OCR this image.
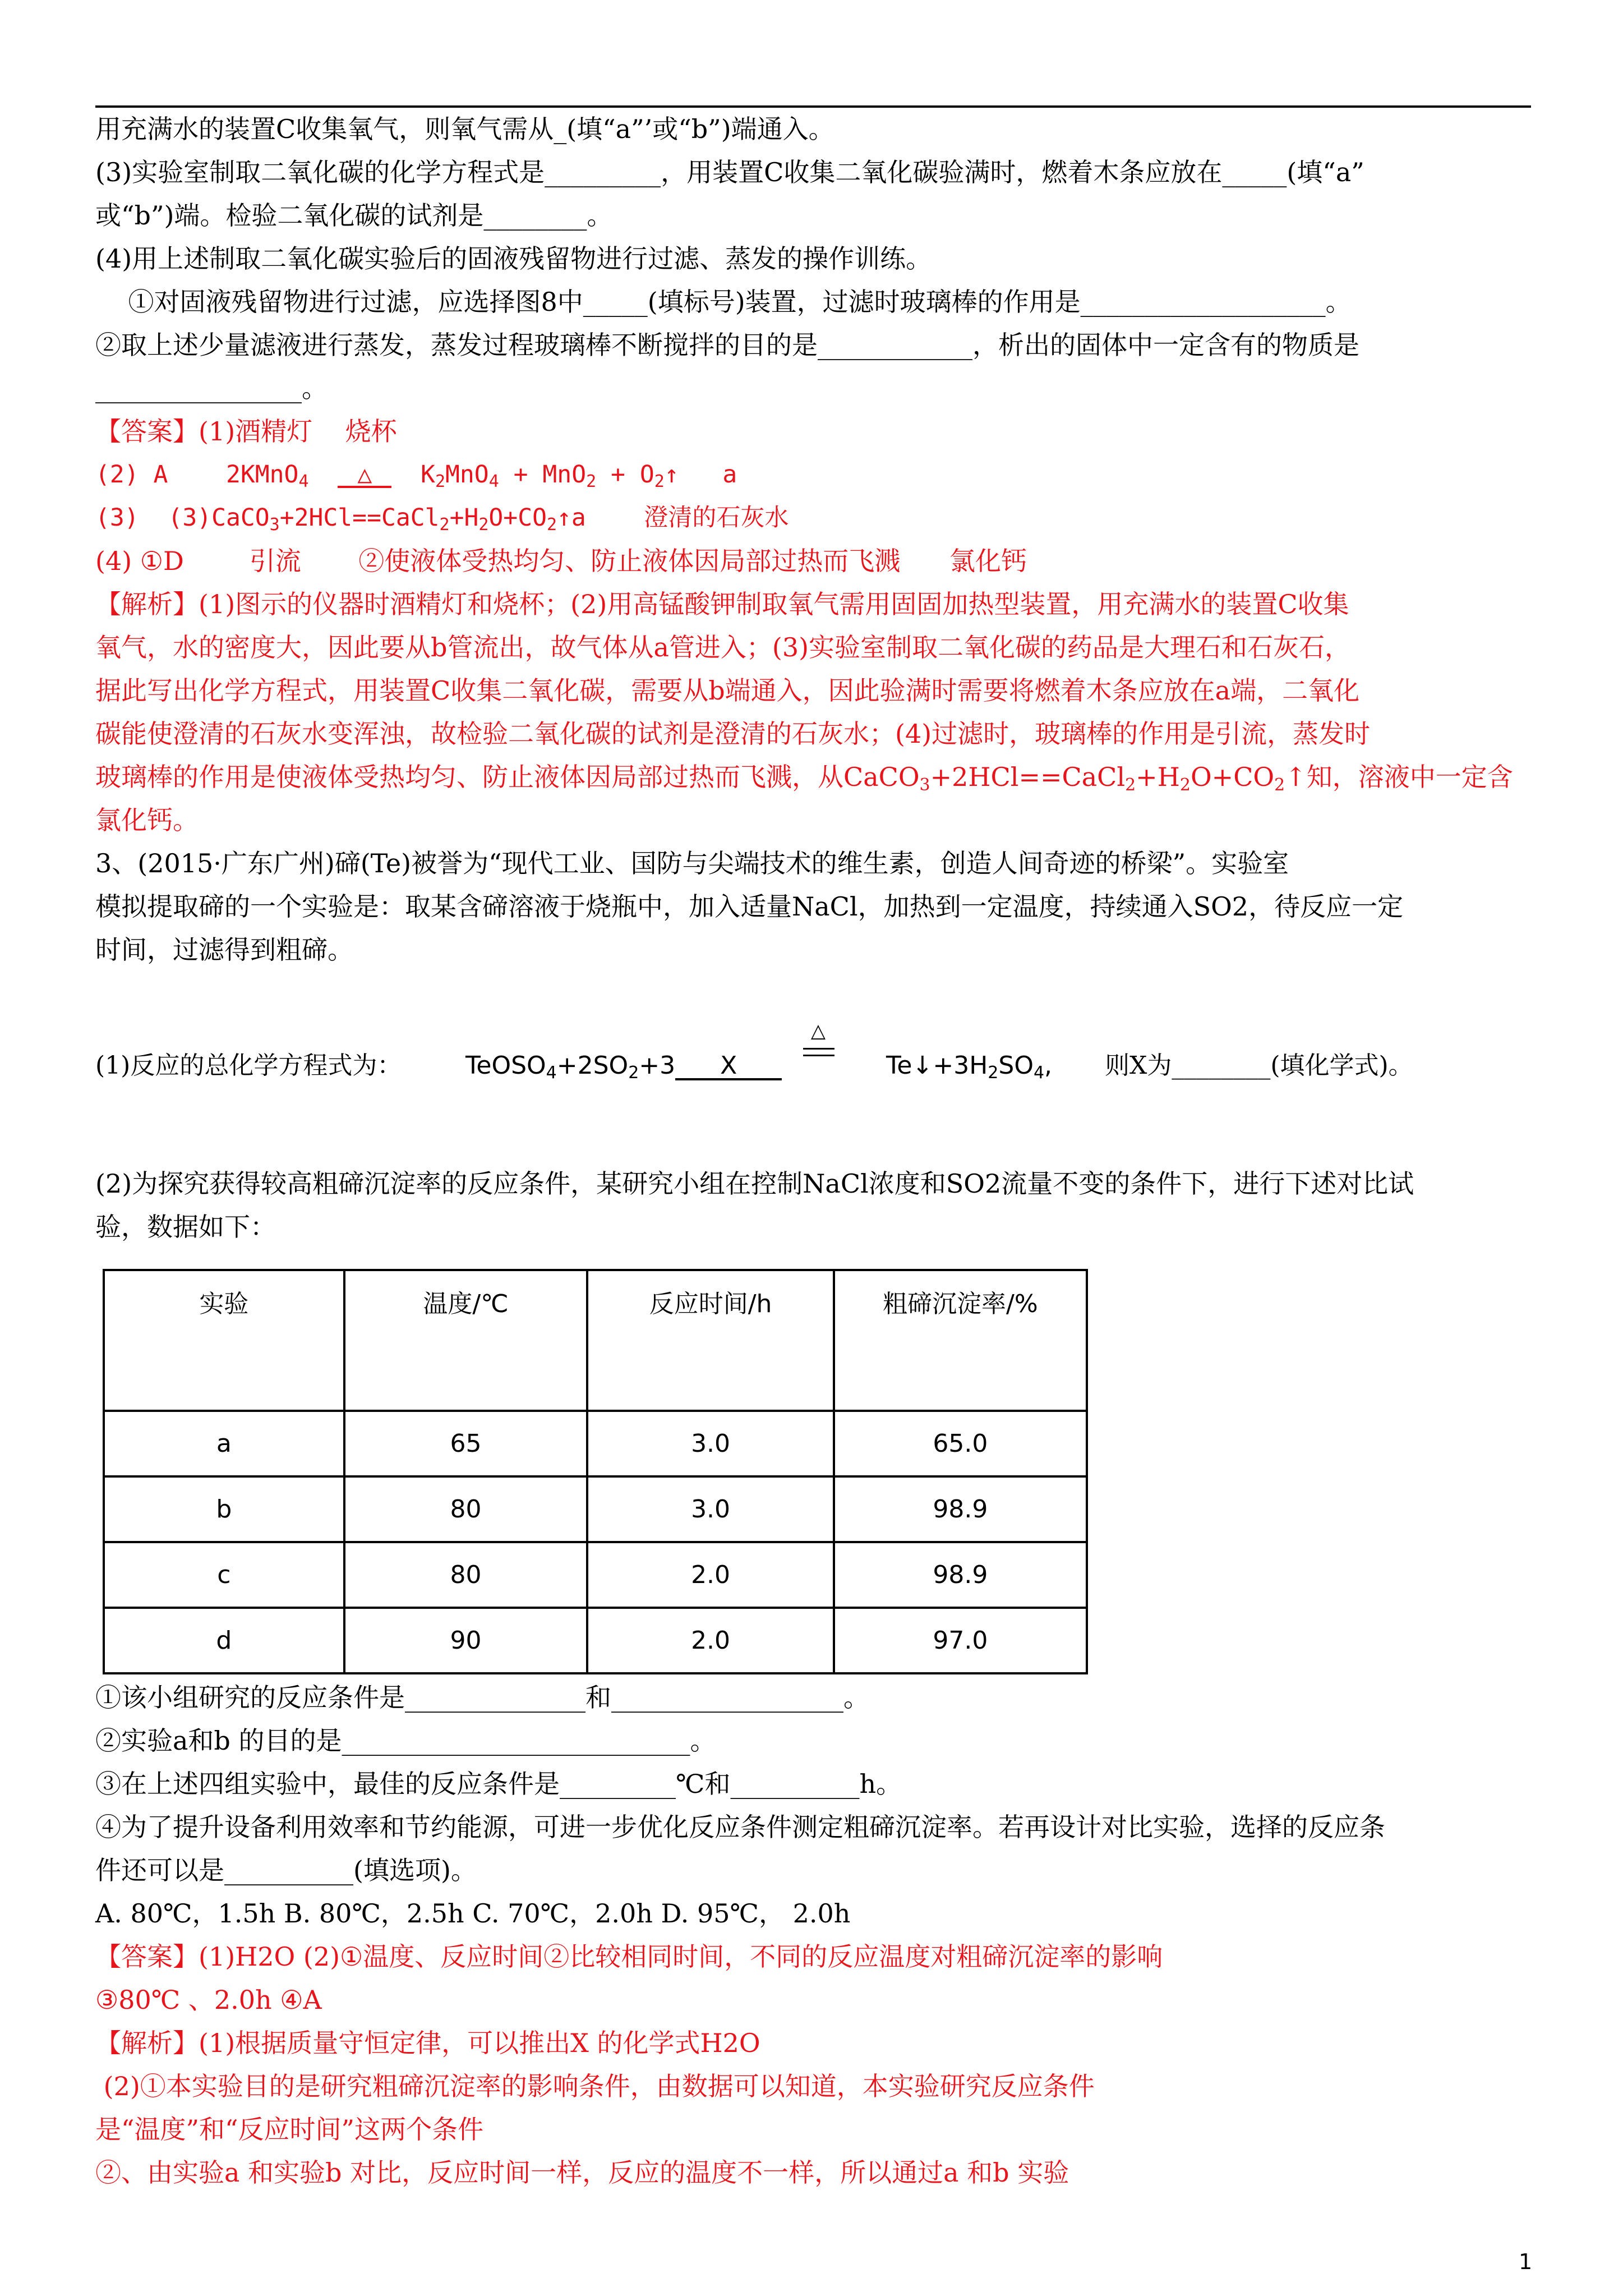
用充满水的装置C收集氧气，则氧气需从_(填“a”’或“b”)端通入。
(3)实验室制取二氧化碳的化学方程式是_________，用装置C收集二氧化碳验满时，燃着木条应放在_____(填“a”
或“b”)端。检验二氧化碳的试剂是________。
(4)用上述制取二氧化碳实验后的固液残留物进行过滤、蒸发的操作训练。
①对固液残留物进行过滤，应选择图8中_____(填标号)装置，过滤时玻璃棒的作用是___________________。
②取上述少量滤液进行蒸发，蒸发过程玻璃棒不断搅拌的目的是____________，析出的固体中一定含有的物质是
________________。
【答案】(1)酒精灯    烧杯
(2) A    2KMnO$_4$ △  $K_2MnO_4 + MnO_2$ + $O_2↑$   a
(3)  $(3)CaCO_3+2HCl==CaCl_2+H_2O+CO_2↑a$    澄清的石灰水
(4) ①D        引流       ②使液体受热均匀、防止液体因局部过热而飞溅      氯化钙
【解析】(1)图示的仪器时酒精灯和烧杯；(2)用高锰酸钾制取氧气需用固固加热型装置，用充满水的装置C收集
氧气，水的密度大，因此要从b管流出，故气体从a管进入；(3)实验室制取二氧化碳的药品是大理石和石灰石，
据此写出化学方程式，用装置C收集二氧化碳，需要从b端通入，因此验满时需要将燃着木条应放在a端，二氧化
碳能使澄清的石灰水变浑浊，故检验二氧化碳的试剂是澄清的石灰水；(4)过滤时，玻璃棒的作用是引流，蒸发时
玻璃棒的作用是使液体受热均匀、防止液体因局部过热而飞溅，从$CaCO_3+2HCl==CaCl_2+H_2O+CO_2↑$知，溶液中一定含
氯化钙。
3、(2015·广东广州)碲(Te)被誉为“现代工业、国防与尖端技术的维生素，创造人间奇迹的桥梁”。实验室
模拟提取碲的一个实验是：取某含碲溶液于烧瓶中，加入适量NaCl，加热到一定温度，持续通入SO2，待反应一定
时间，过滤得到粗碲。
(1)反应的总化学方程式为：	$TeOSO_4+2SO_2+3$ X
△
$Te↓+3H_2SO_4$, 则X为________(填化学式)。
(2)为探究获得较高粗碲沉淀率的反应条件，某研究小组在控制NaCl浓度和SO2流量不变的条件下，进行下述对比试
验，数据如下：
实验	温度/℃	反应时间/h	粗碲沉淀率/%
a	65	3.0	65.0
b	80	3.0	98.9
c	80	2.0	98.9
d	90	2.0	97.0
①该小组研究的反应条件是______________和__________________。
②实验a和b 的目的是___________________________。
③在上述四组实验中，最佳的反应条件是_________℃和__________h。
④为了提升设备利用效率和节约能源，可进一步优化反应条件测定粗碲沉淀率。若再设计对比实验，选择的反应条
件还可以是__________(填选项)。
A. 80℃，1.5h B. 80℃，2.5h C. 70℃，2.0h D. 95℃， 2.0h
【答案】(1)H2O (2)①温度、反应时间②比较相同时间，不同的反应温度对粗碲沉淀率的影响
③80℃ 、2.0h ④A
【解析】(1)根据质量守恒定律，可以推出X 的化学式H2O
(2)①本实验目的是研究粗碲沉淀率的影响条件，由数据可以知道，本实验研究反应条件
是“温度”和“反应时间”这两个条件
②、由实验a 和实验b 对比，反应时间一样，反应的温度不一样，所以通过a 和b 实验
1
